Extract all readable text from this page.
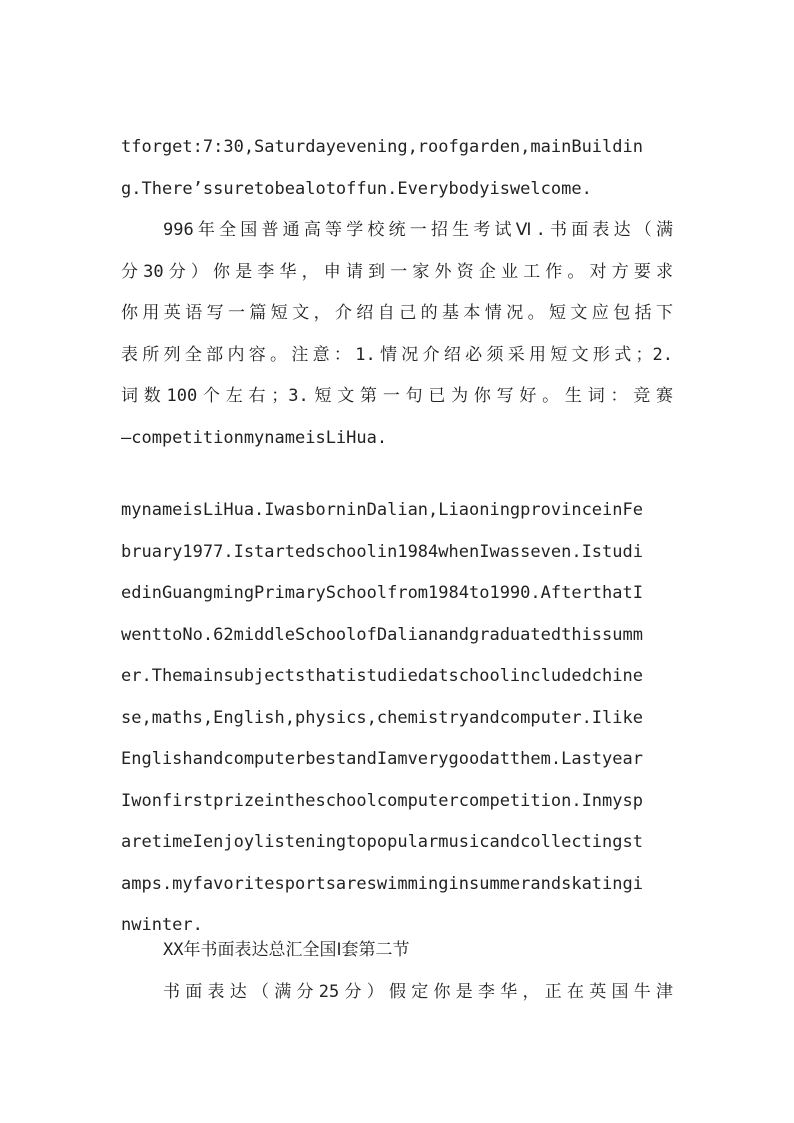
tforget:7:30,Saturdayevening,roofgarden,mainBuildin
g.There’ssuretobealotoffun.Everybodyiswelcome.
996年全国普通高等学校统一招生考试Ⅵ.书面表达（满
分30分）你是李华，申请到一家外资企业工作。对方要求
你用英语写一篇短文，介绍自己的基本情况。短文应包括下
表所列全部内容。注意：1.情况介绍必须采用短文形式；2.
词数100个左右；3.短文第一句已为你写好。生词：竞赛
—competitionmynameisLiHua.
mynameisLiHua.IwasborninDalian,LiaoningprovinceinFe
bruary1977.Istartedschoolin1984whenIwasseven.Istudi
edinGuangmingPrimarySchoolfrom1984to1990.AfterthatI
wenttoNo.62middleSchoolofDalianandgraduatedthissumm
er.Themainsubjectsthatistudiedatschoolincludedchine
se,maths,English,physics,chemistryandcomputer.Ilike
EnglishandcomputerbestandIamverygoodatthem.Lastyear
Iwonfirstprizeintheschoolcomputercompetition.Inmysp
aretimeIenjoylisteningtopopularmusicandcollectingst
amps.myfavoritesportsareswimminginsummerandskatingi
nwinter.
XX年书面表达总汇全国Ⅰ套第二节
书面表达（满分25分）假定你是李华，正在英国牛津
